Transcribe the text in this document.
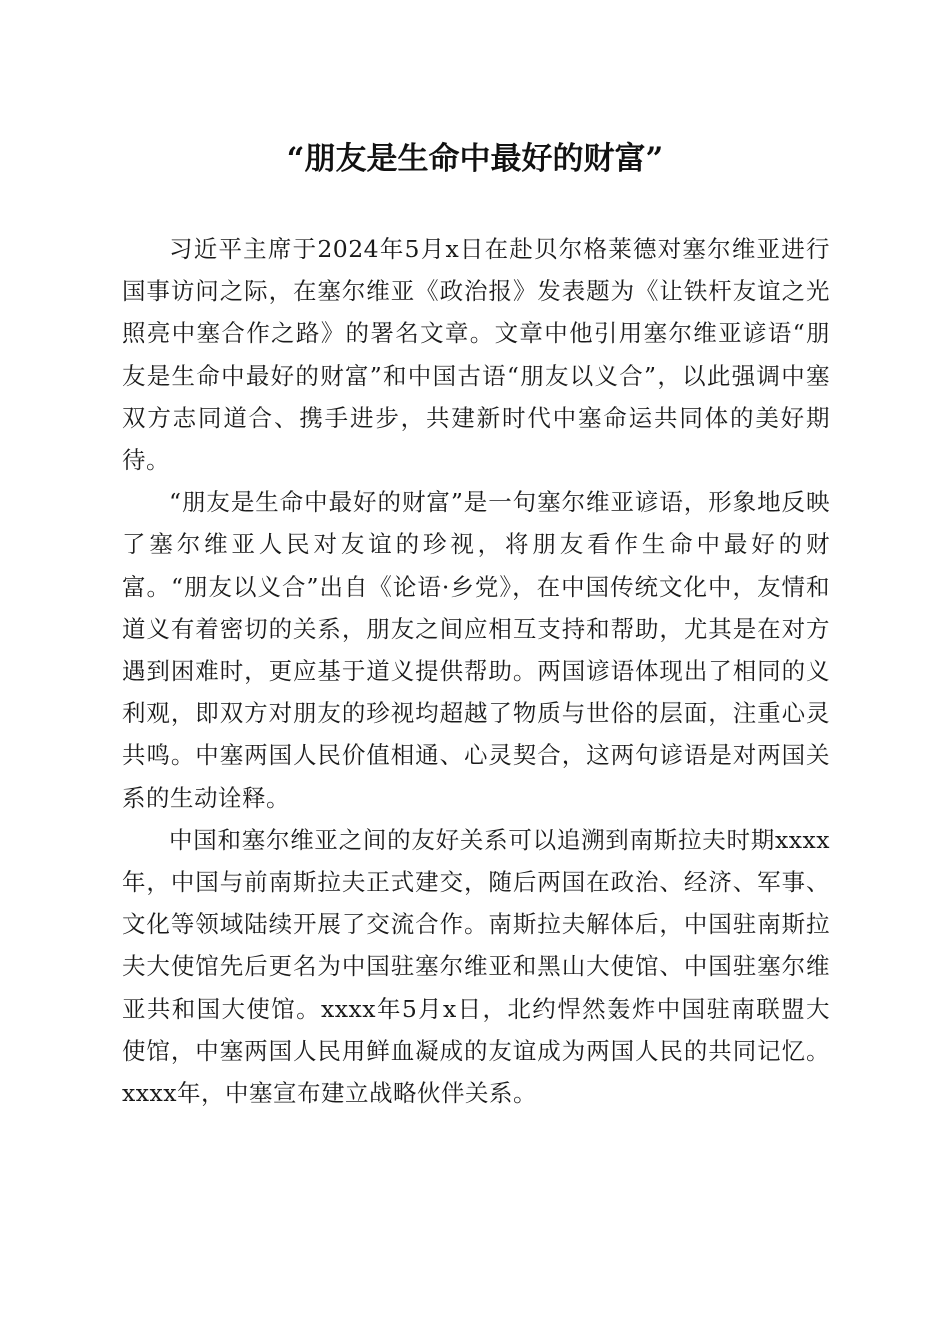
“朋友是生命中最好的财富”

习近平主席于2024年5月x日在赴贝尔格莱德对塞尔维亚进行国事访问之际，在塞尔维亚《政治报》发表题为《让铁杆友谊之光照亮中塞合作之路》的署名文章。文章中他引用塞尔维亚谚语“朋友是生命中最好的财富”和中国古语“朋友以义合”，以此强调中塞双方志同道合、携手进步，共建新时代中塞命运共同体的美好期待。

“朋友是生命中最好的财富”是一句塞尔维亚谚语，形象地反映了塞尔维亚人民对友谊的珍视，将朋友看作生命中最好的财富。“朋友以义合”出自《论语·乡党》，在中国传统文化中，友情和道义有着密切的关系，朋友之间应相互支持和帮助，尤其是在对方遇到困难时，更应基于道义提供帮助。两国谚语体现出了相同的义利观，即双方对朋友的珍视均超越了物质与世俗的层面，注重心灵共鸣。中塞两国人民价值相通、心灵契合，这两句谚语是对两国关系的生动诠释。

中国和塞尔维亚之间的友好关系可以追溯到南斯拉夫时期xxxx年，中国与前南斯拉夫正式建交，随后两国在政治、经济、军事、文化等领域陆续开展了交流合作。南斯拉夫解体后，中国驻南斯拉夫大使馆先后更名为中国驻塞尔维亚和黑山大使馆、中国驻塞尔维亚共和国大使馆。xxxx年5月x日，北约悍然轰炸中国驻南联盟大使馆，中塞两国人民用鲜血凝成的友谊成为两国人民的共同记忆。xxxx年，中塞宣布建立战略伙伴关系。
